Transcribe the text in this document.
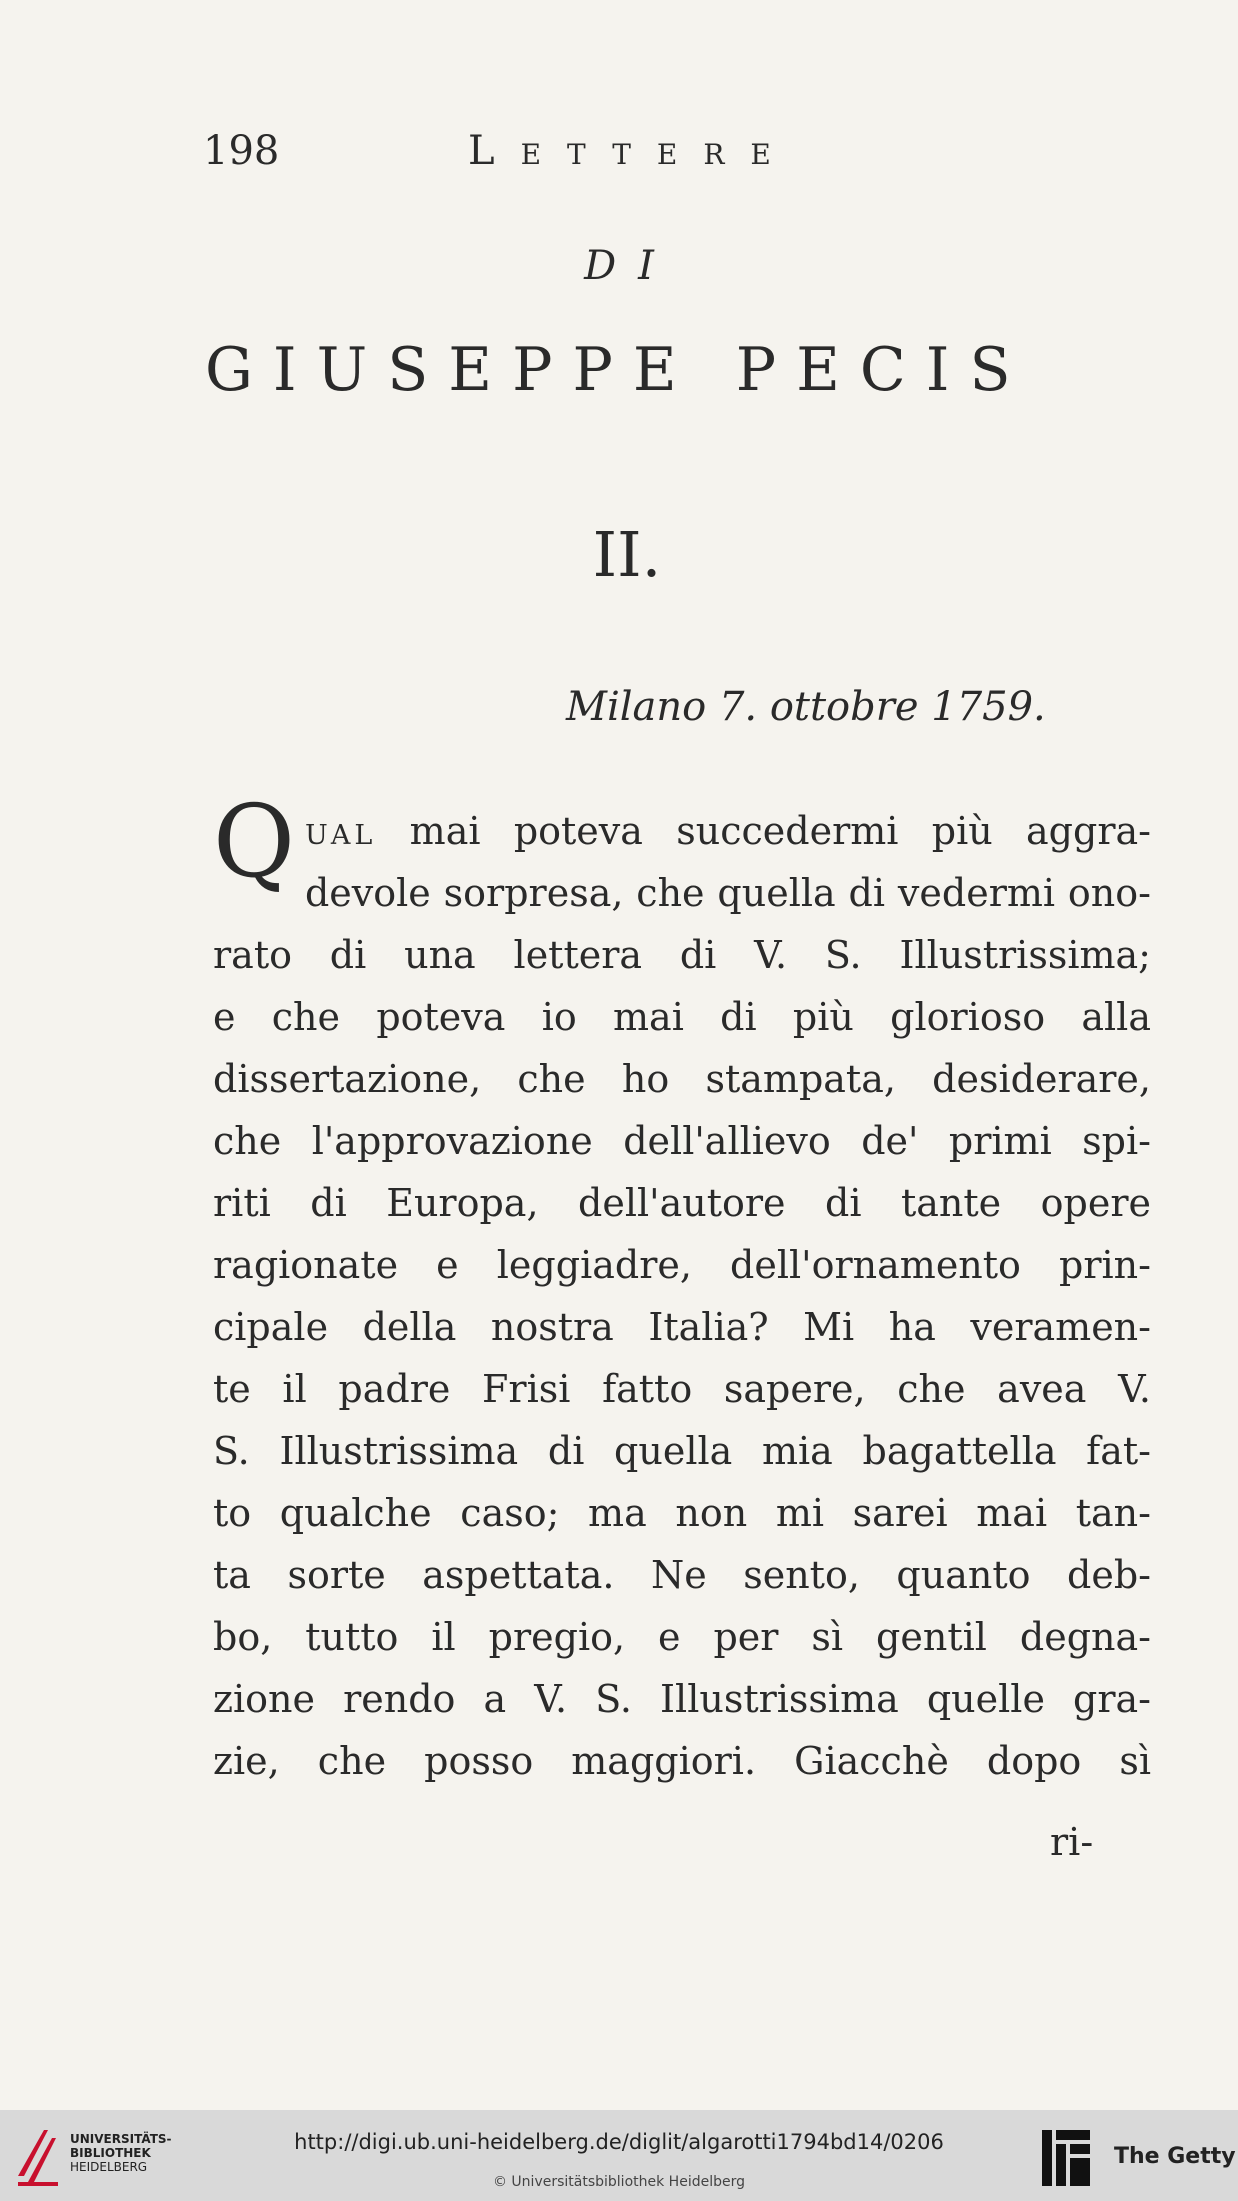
198	Lettere
DI
GIUSEPPE PECIS
II.
Milano 7. ottobre 1759.
Q ual mai poteva succedermi più aggra-
devole sorpresa, che quella di vedermi ono-
rato di una lettera di V. S. Illustrissima;
e che poteva io mai di più glorioso alla
dissertazione, che ho stampata, desiderare,
che l'approvazione dell'allievo de' primi spi-
riti di Europa, dell'autore di tante opere
ragionate e leggiadre, dell'ornamento prin-
cipale della nostra Italia? Mi ha veramen-
te il padre Frisi fatto sapere, che avea V.
S. Illustrissima di quella mia bagattella fat-
to qualche caso; ma non mi sarei mai tan-
ta sorte aspettata. Ne sento, quanto deb-
bo, tutto il pregio, e per sì gentil degna-
zione rendo a V. S. Illustrissima quelle gra-
zie, che posso maggiori. Giacchè dopo sì
ri-
UNIVERSITÄTS-
BIBLIOTHEK
HEIDELBERG
http://digi.ub.uni-heidelberg.de/diglit/algarotti1794bd14/0206
© Universitätsbibliothek Heidelberg
The Getty
